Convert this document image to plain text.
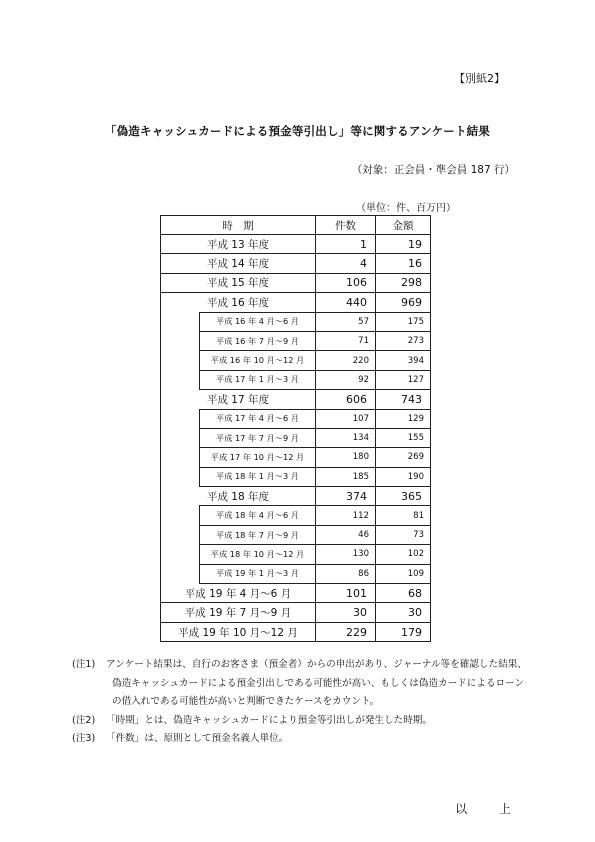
【別紙2】
「偽造キャッシュカードによる預金等引出し」等に関するアンケート結果
（対象：正会員・準会員 187 行）
（単位：件、百万円）
時　期	件数	金額
平成 13 年度	1	19
平成 14 年度	4	16
平成 15 年度	106	298
平成 16 年度	440	969

平成 16 年 4 月～6 月	57	175

平成 16 年 7 月～9 月	71	273

平成 16 年 10 月～12 月	220	394

平成 17 年 1 月～3 月	92	127
平成 17 年度	606	743

平成 17 年 4 月～6 月	107	129

平成 17 年 7 月～9 月	134	155

平成 17 年 10 月～12 月	180	269

平成 18 年 1 月～3 月	185	190
平成 18 年度	374	365

平成 18 年 4 月～6 月	112	81

平成 18 年 7 月～9 月	46	73

平成 18 年 10 月～12 月	130	102

平成 19 年 1 月～3 月	86	109
平成 19 年 4 月～6 月	101	68
平成 19 年 7 月～9 月	30	30
平成 19 年 10 月～12 月	229	179
(注1)	アンケート結果は、自行のお客さま（預金者）からの申出があり、ジャーナル等を確認した結果、
偽造キャッシュカードによる預金引出しである可能性が高い、もしくは偽造カードによるローン
の借入れである可能性が高いと判断できたケースをカウント。
(注2)	「時期」とは、偽造キャッシュカードにより預金等引出しが発生した時期。
(注3)	「件数」は、原則として預金名義人単位。
以 上
